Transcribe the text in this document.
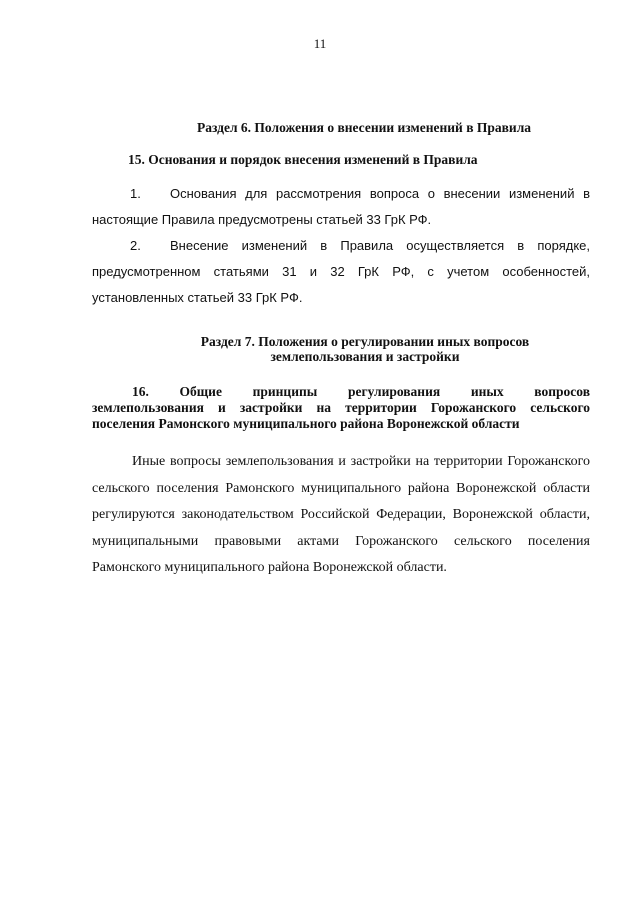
11
Раздел 6. Положения о внесении изменений в Правила
15. Основания и порядок внесения изменений в Правила
1. Основания для рассмотрения вопроса о внесении изменений в настоящие Правила предусмотрены статьей 33 ГрК РФ.
2. Внесение изменений в Правила осуществляется в порядке, предусмотренном статьями 31 и 32 ГрК РФ, с учетом особенностей, установленных статьей 33 ГрК РФ.
Раздел 7. Положения о регулировании иных вопросов
землепользования и застройки
16. Общие принципы регулирования иных вопросов
землепользования и застройки на территории Горожанского сельского поселения Рамонского муниципального района Воронежской области
Иные вопросы землепользования и застройки на территории Горожанского сельского поселения Рамонского муниципального района Воронежской области регулируются законодательством Российской Федерации, Воронежской области, муниципальными правовыми актами Горожанского сельского поселения Рамонского муниципального района Воронежской области.
